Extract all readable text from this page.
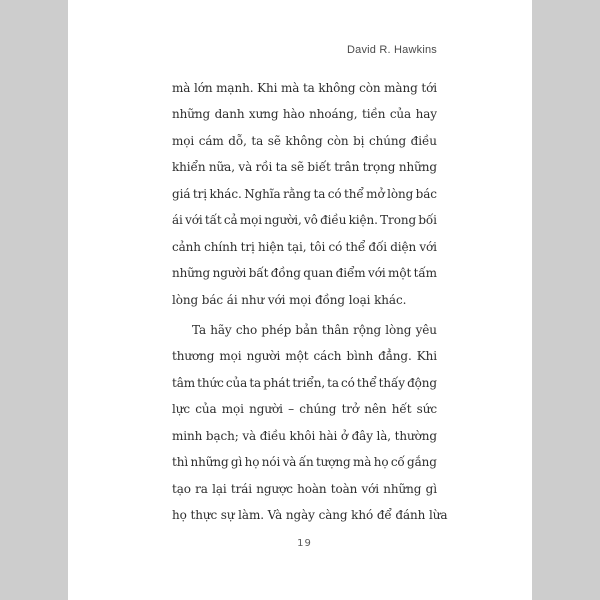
David R. Hawkins
mà lớn mạnh. Khi mà ta không còn màng tới
những danh xưng hào nhoáng, tiền của hay
mọi cám dỗ, ta sẽ không còn bị chúng điều
khiển nữa, và rồi ta sẽ biết trân trọng những
giá trị khác. Nghĩa rằng ta có thể mở lòng bác
ái với tất cả mọi người, vô điều kiện. Trong bối
cảnh chính trị hiện tại, tôi có thể đối diện với
những người bất đồng quan điểm với một tấm
lòng bác ái như với mọi đồng loại khác.
Ta hãy cho phép bản thân rộng lòng yêu
thương mọi người một cách bình đẳng. Khi
tâm thức của ta phát triển, ta có thể thấy động
lực của mọi người – chúng trở nên hết sức
minh bạch; và điều khôi hài ở đây là, thường
thì những gì họ nói và ấn tượng mà họ cố gắng
tạo ra lại trái ngược hoàn toàn với những gì
họ thực sự làm. Và ngày càng khó để đánh lừa
19
